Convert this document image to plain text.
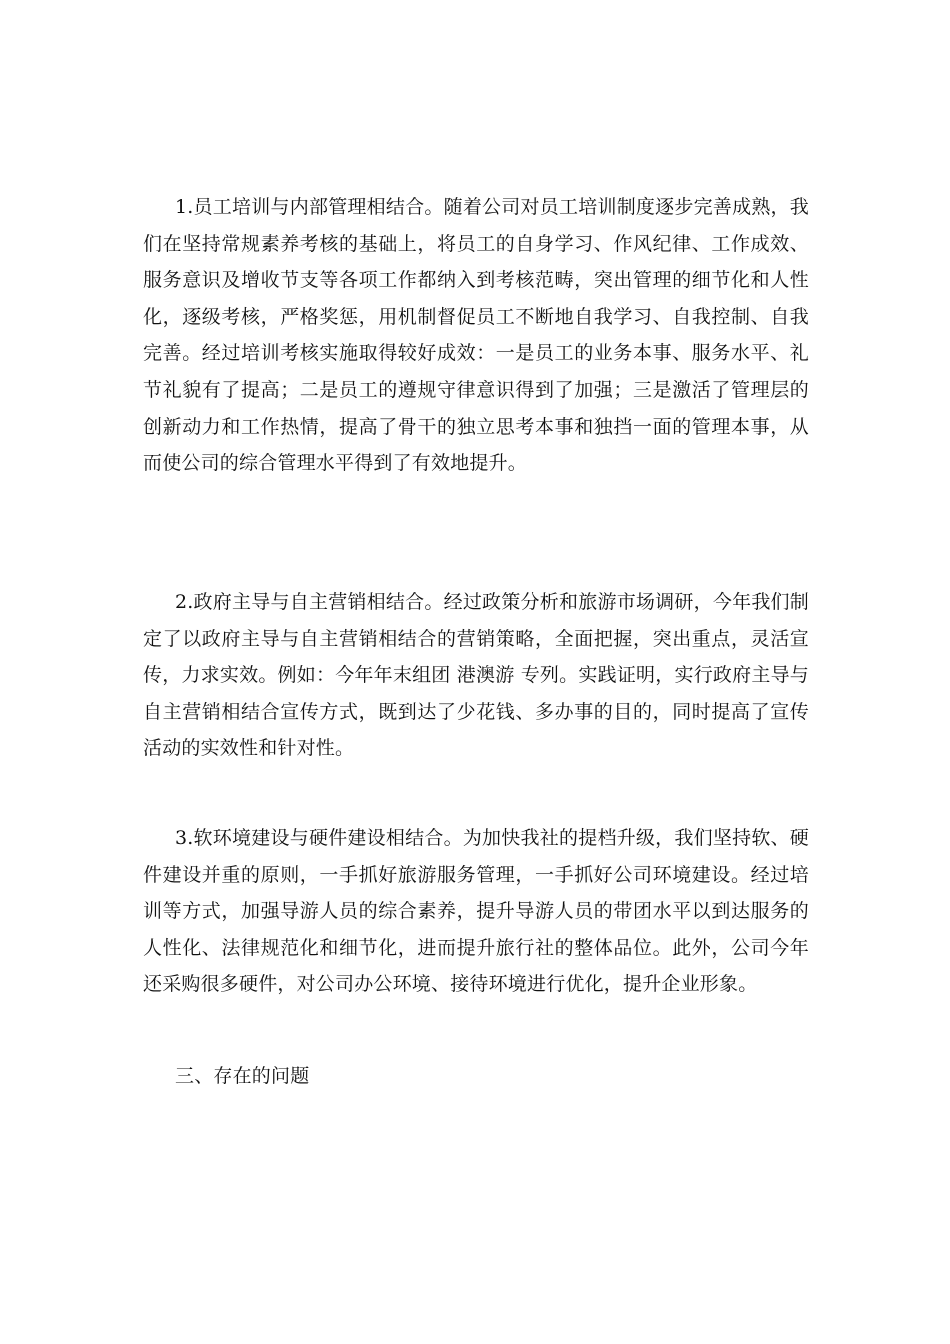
1.员工培训与内部管理相结合。随着公司对员工培训制度逐步完善成熟，我们在坚持常规素养考核的基础上，将员工的自身学习、作风纪律、工作成效、服务意识及增收节支等各项工作都纳入到考核范畴，突出管理的细节化和人性化，逐级考核，严格奖惩，用机制督促员工不断地自我学习、自我控制、自我完善。经过培训考核实施取得较好成效：一是员工的业务本事、服务水平、礼节礼貌有了提高；二是员工的遵规守律意识得到了加强；三是激活了管理层的创新动力和工作热情，提高了骨干的独立思考本事和独挡一面的管理本事，从而使公司的综合管理水平得到了有效地提升。

2.政府主导与自主营销相结合。经过政策分析和旅游市场调研，今年我们制定了以政府主导与自主营销相结合的营销策略，全面把握，突出重点，灵活宣传，力求实效。例如：今年年末组团 港澳游 专列。实践证明，实行政府主导与自主营销相结合宣传方式，既到达了少花钱、多办事的目的，同时提高了宣传活动的实效性和针对性。

3.软环境建设与硬件建设相结合。为加快我社的提档升级，我们坚持软、硬件建设并重的原则，一手抓好旅游服务管理，一手抓好公司环境建设。经过培训等方式，加强导游人员的综合素养，提升导游人员的带团水平以到达服务的人性化、法律规范化和细节化，进而提升旅行社的整体品位。此外，公司今年还采购很多硬件，对公司办公环境、接待环境进行优化，提升企业形象。

三、存在的问题
